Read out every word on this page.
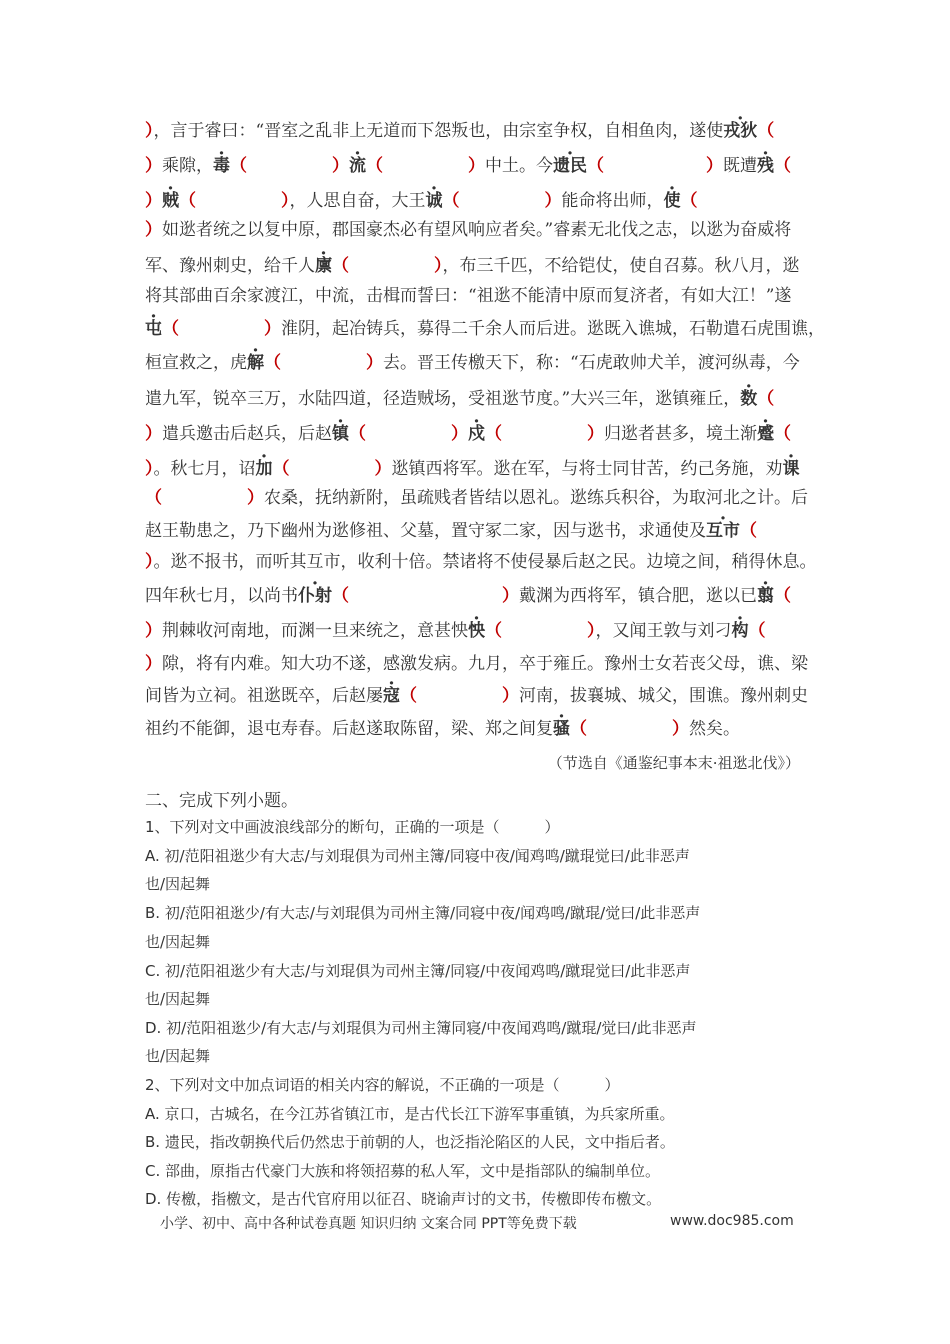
），言于睿曰：“晋室之乱非上无道而下怨叛也，由宗室争权，自相鱼肉，遂使戎狄（
）乘隙，毒（　　　　　）流（　　　　　）中土。今遗民（　　　　　　）既遭残（
）贼（　　　　　），人思自奋，大王诚（　　　　　）能命将出师，使（
）如逖者统之以复中原，郡国豪杰必有望风响应者矣。”睿素无北伐之志，以逖为奋威将
军、豫州刺史，给千人廪（　　　　　），布三千匹，不给铠仗，使自召募。秋八月，逖
将其部曲百余家渡江，中流，击楫而誓曰：“祖逖不能清中原而复济者，有如大江！”遂
屯（　　　　　）淮阴，起冶铸兵，募得二千余人而后进。逖既入谯城，石勒遣石虎围谯，
桓宣救之，虎解（　　　　　）去。晋王传檄天下，称：“石虎敢帅犬羊，渡河纵毒，今
遣九军，锐卒三万，水陆四道，径造贼场，受祖逖节度。”大兴三年，逖镇雍丘，数（
）遣兵邀击后赵兵，后赵镇（　　　　　）戍（　　　　　）归逖者甚多，境土渐蹙（
）。秋七月，诏加（　　　　　）逖镇西将军。逖在军，与将士同甘苦，约己务施，劝课
（　　　　　）农桑，抚纳新附，虽疏贱者皆结以恩礼。逖练兵积谷，为取河北之计。后
赵王勒患之，乃下幽州为逖修祖、父墓，置守冢二家，因与逖书，求通使及互市（
）。逖不报书，而听其互市，收利十倍。禁诸将不使侵暴后赵之民。边境之间，稍得休息。
四年秋七月，以尚书仆射（　　　　　　　　　）戴渊为西将军，镇合肥，逖以已翦（
）荆棘收河南地，而渊一旦来统之，意甚怏怏（　　　　　），又闻王敦与刘刁构（
）隙，将有内难。知大功不遂，感激发病。九月，卒于雍丘。豫州士女若丧父母，谯、梁
间皆为立祠。祖逖既卒，后赵屡寇（　　　　　）河南，拔襄城、城父，围谯。豫州刺史
祖约不能御，退屯寿春。后赵遂取陈留，梁、郑之间复骚（　　　　　）然矣。
（节选自《通鉴纪事本末·祖逖北伐》）
二、完成下列小题。
1、下列对文中画波浪线部分的断句，正确的一项是（　　　）
A. 初/范阳祖逖少有大志/与刘琨俱为司州主簿/同寝中夜/闻鸡鸣/蹴琨觉曰/此非恶声
也/因起舞
B. 初/范阳祖逖少/有大志/与刘琨俱为司州主簿/同寝中夜/闻鸡鸣/蹴琨/觉曰/此非恶声
也/因起舞
C. 初/范阳祖逖少有大志/与刘琨俱为司州主簿/同寝/中夜闻鸡鸣/蹴琨觉曰/此非恶声
也/因起舞
D. 初/范阳祖逖少/有大志/与刘琨俱为司州主簿同寝/中夜闻鸡鸣/蹴琨/觉曰/此非恶声
也/因起舞
2、下列对文中加点词语的相关内容的解说，不正确的一项是（　　　）
A. 京口，古城名，在今江苏省镇江市，是古代长江下游军事重镇，为兵家所重。
B. 遗民，指改朝换代后仍然忠于前朝的人，也泛指沦陷区的人民，文中指后者。
C. 部曲，原指古代豪门大族和将领招募的私人军，文中是指部队的编制单位。
D. 传檄，指檄文，是古代官府用以征召、晓谕声讨的文书，传檄即传布檄文。
小学、初中、高中各种试卷真题 知识归纳 文案合同 PPT等免费下载	www.doc985.com
